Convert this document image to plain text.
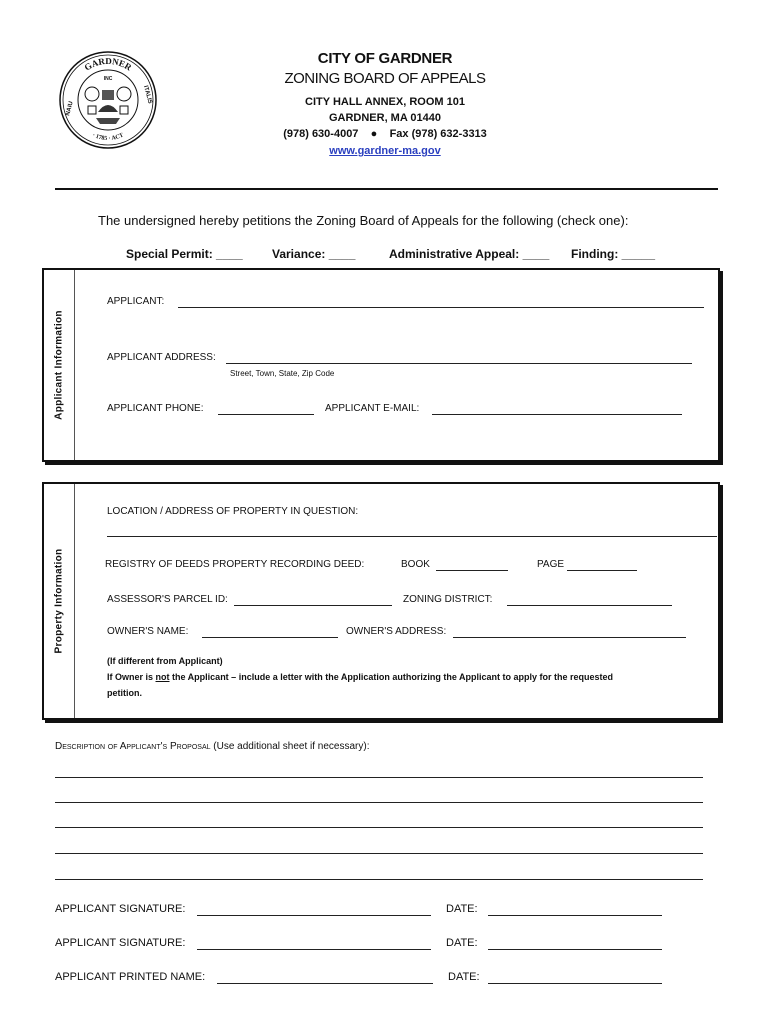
GARDNER
· 1785 · ACT
NAIU
ITALIS
INC
CITY OF GARDNER
ZONING BOARD OF APPEALS
CITY HALL ANNEX, ROOM 101
GARDNER, MA 01440
(978) 630-4007 ● Fax (978) 632-3313
www.gardner-ma.gov
The undersigned hereby petitions the Zoning Board of Appeals for the following (check one):
Special Permit: ____ Variance: ____	Administrative Appeal: ____ Finding: _____
Applicant Information
APPLICANT:
APPLICANT ADDRESS:
Street, Town, State, Zip Code
APPLICANT PHONE:	APPLICANT E-MAIL:
Property Information
LOCATION / ADDRESS OF PROPERTY IN QUESTION:
REGISTRY OF DEEDS PROPERTY RECORDING DEED:	BOOK	PAGE
ASSESSOR'S PARCEL ID:	ZONING DISTRICT:
OWNER'S NAME:	OWNER'S ADDRESS:
(If different from Applicant)
If Owner is not the Applicant – include a letter with the Application authorizing the Applicant to apply for the requested
petition.
Description of Applicant's Proposal (Use additional sheet if necessary):
APPLICANT SIGNATURE:	DATE:
APPLICANT SIGNATURE:	DATE:
APPLICANT PRINTED NAME:	DATE:
